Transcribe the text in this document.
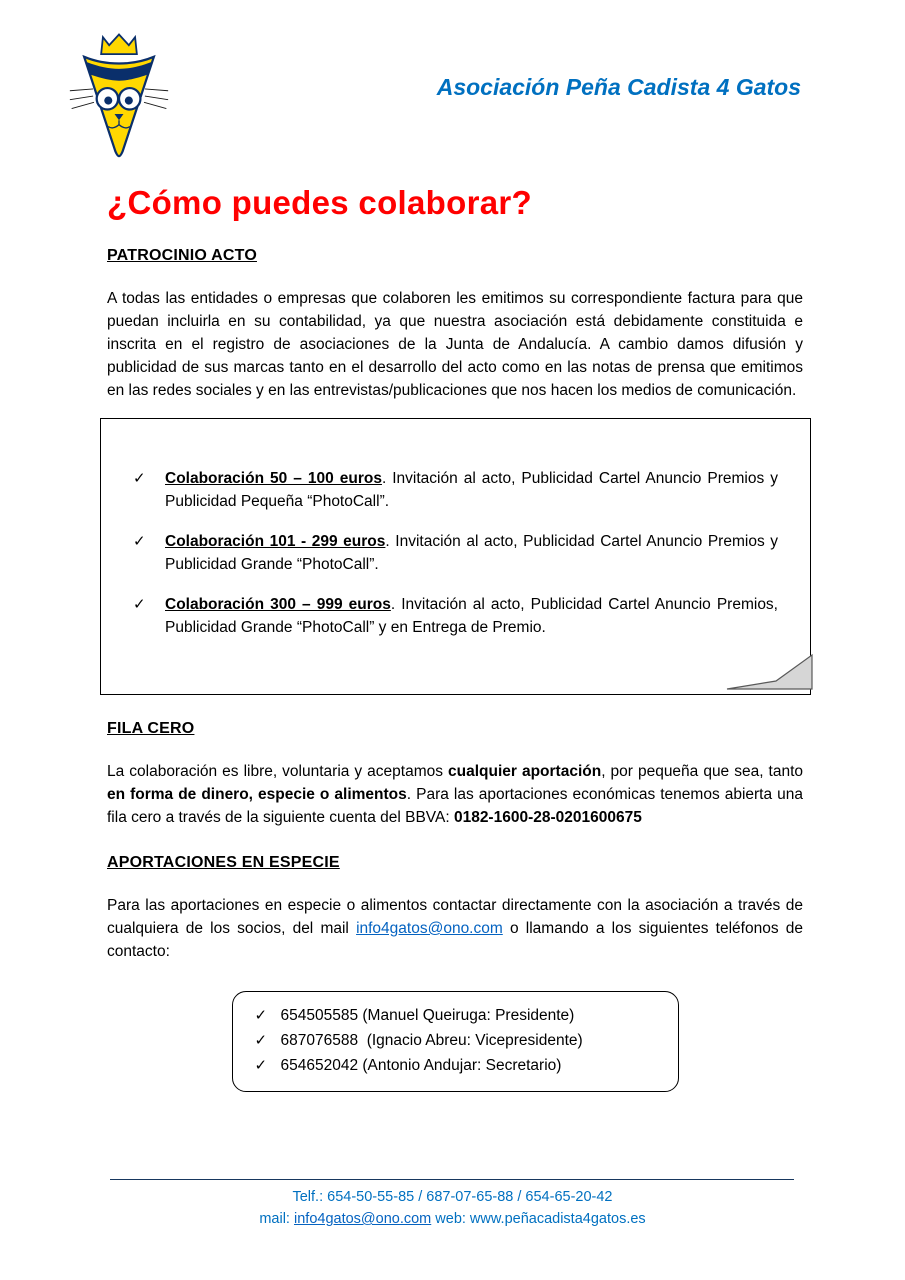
Asociación Peña Cadista 4 Gatos
¿Cómo puedes colaborar?
PATROCINIO ACTO

A todas las entidades o empresas que colaboren les emitimos su correspondiente factura para que puedan incluirla en su contabilidad, ya que nuestra asociación está debidamente constituida e inscrita en el registro de asociaciones de la Junta de Andalucía. A cambio damos difusión y publicidad de sus marcas tanto en el desarrollo del acto como en las notas de prensa que emitimos en las redes sociales y en las entrevistas/publicaciones que nos hacen los medios de comunicación.

✓	Colaboración 50 – 100 euros. Invitación al acto, Publicidad Cartel Anuncio Premios y Publicidad Pequeña “PhotoCall”.
✓	Colaboración 101 - 299 euros. Invitación al acto, Publicidad Cartel Anuncio Premios y Publicidad Grande “PhotoCall”.
✓	Colaboración 300 – 999 euros. Invitación al acto, Publicidad Cartel Anuncio Premios, Publicidad Grande “PhotoCall” y en Entrega de Premio.
FILA CERO

La colaboración es libre, voluntaria y aceptamos cualquier aportación, por pequeña que sea, tanto en forma de dinero, especie o alimentos. Para las aportaciones económicas tenemos abierta una fila cero a través de la siguiente cuenta del BBVA: 0182-1600-28-0201600675

APORTACIONES EN ESPECIE

Para las aportaciones en especie o alimentos contactar directamente con la asociación a través de cualquiera de los socios, del mail info4gatos@ono.com o llamando a los siguientes teléfonos de contacto:

✓ 654505585 (Manuel Queiruga: Presidente)
✓ 687076588  (Ignacio Abreu: Vicepresidente)
✓ 654652042 (Antonio Andujar: Secretario)
Telf.: 654-50-55-85 / 687-07-65-88 / 654-65-20-42
mail: info4gatos@ono.com web: www.peñacadista4gatos.es
